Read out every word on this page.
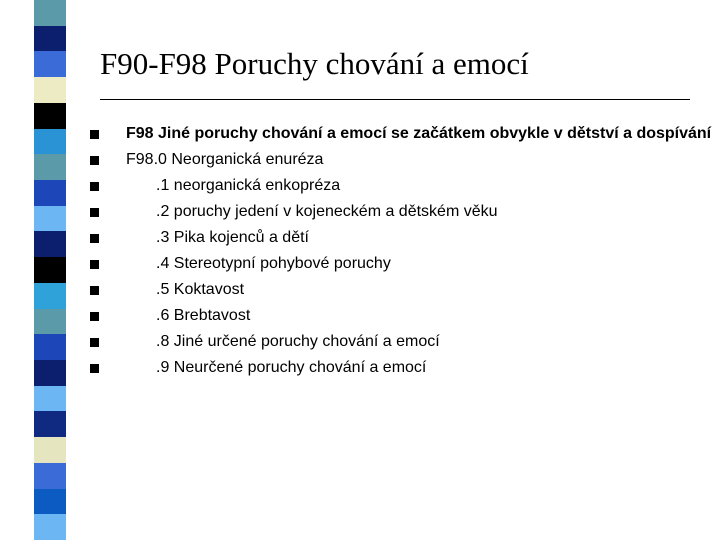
F90-F98 Poruchy chování a emocí
F98 Jiné poruchy chování a emocí se začátkem obvykle v dětství a dospívání
F98.0 Neorganická enuréza
.1 neorganická enkopréza
.2 poruchy jedení v kojeneckém a dětském věku
.3 Pika kojenců a dětí
.4 Stereotypní pohybové poruchy
.5 Koktavost
.6 Brebtavost
.8 Jiné určené poruchy chování a emocí
.9 Neurčené poruchy chování a emocí
